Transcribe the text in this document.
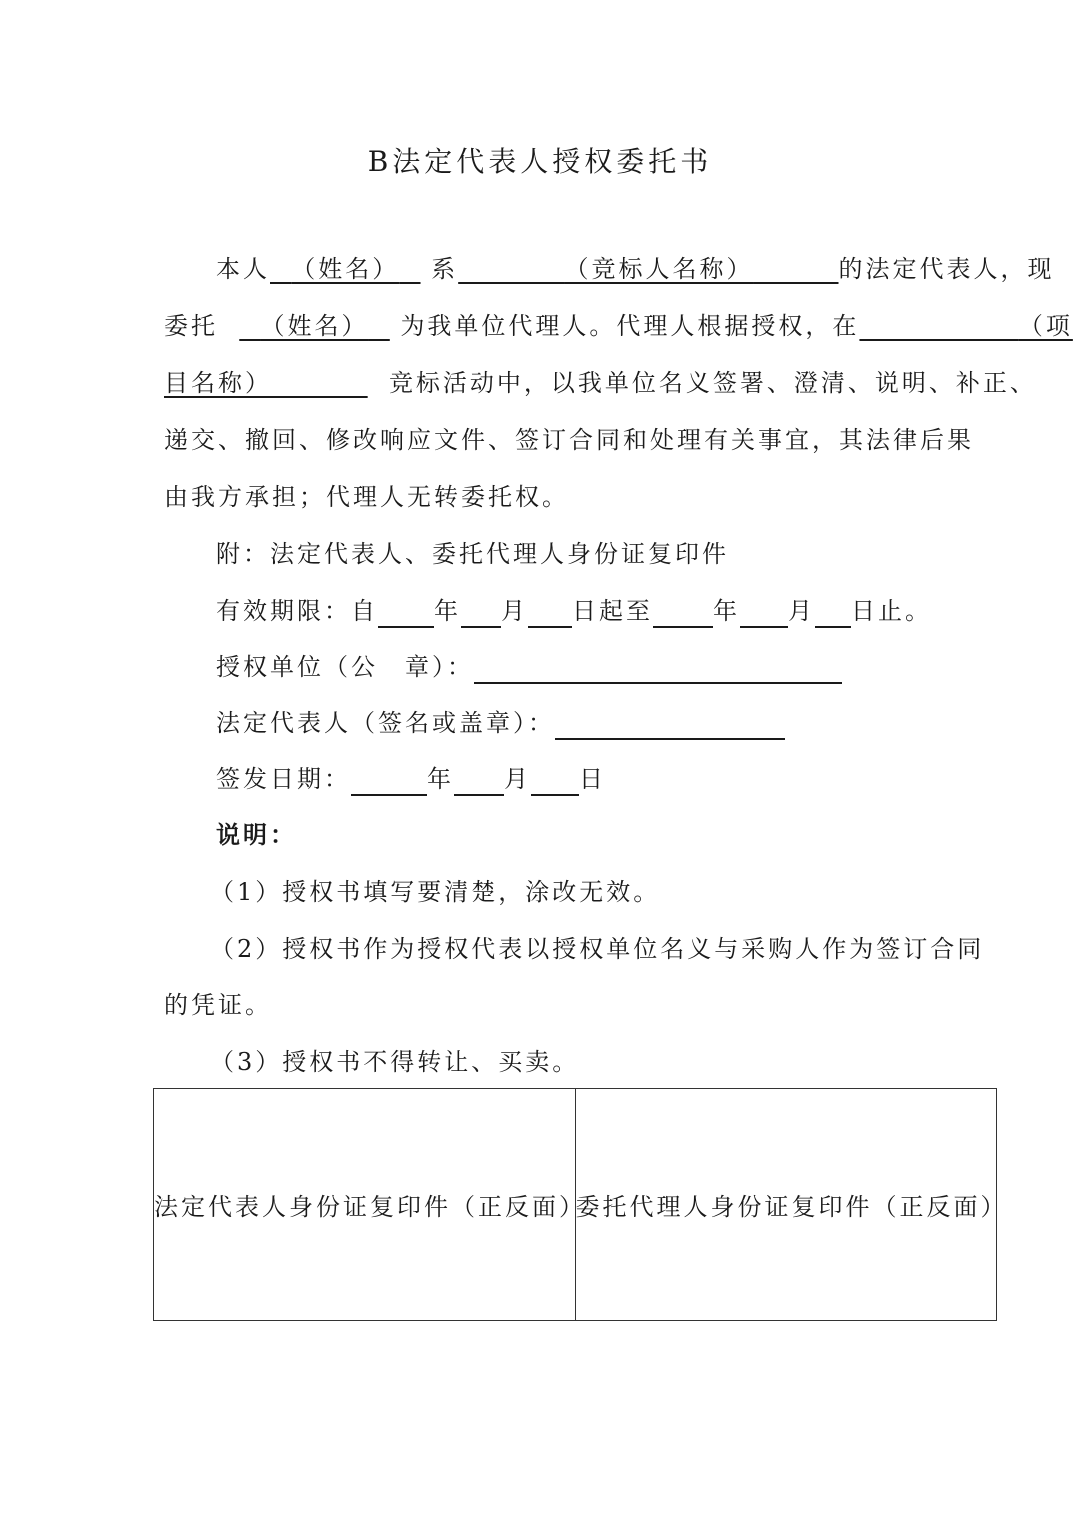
B法定代表人授权委托书
本人 （姓名） 系	（竞标人名称）	的法定代表人，现
委托 （姓名） 为我单位代理人。代理人根据授权，在	（项
目名称）	竞标活动中，以我单位名义签署、澄清、说明、补正、
递交、撤回、修改响应文件、签订合同和处理有关事宜，其法律后果
由我方承担；代理人无转委托权。
附：法定代表人、委托代理人身份证复印件
有效期限：自 年 月 日起至	年 月 日止。
授权单位（公　章）：
法定代表人（签名或盖章）：
签发日期：	年 月 日
说明：
（1）授权书填写要清楚，涂改无效。
（2）授权书作为授权代表以授权单位名义与采购人作为签订合同
的凭证。
（3）授权书不得转让、买卖。
法定代表人身份证复印件（正反面）	委托代理人身份证复印件（正反面）
